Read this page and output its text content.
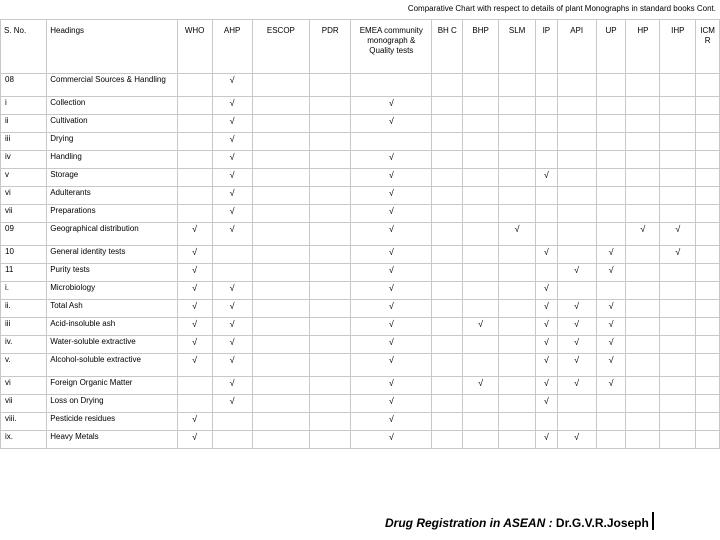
Comparative Chart with respect to details of plant Monographs in standard books Cont.
S. No.	Headings	WHO	AHP	ESCOP	PDR	EMEA community monograph & Quality tests	BH C	BHP	SLM	IP	API	UP	HP	IHP	ICM R
08	Commercial Sources & Handling		√												
i	Collection		√			√									
ii	Cultivation		√			√									
iii	Drying		√												
iv	Handling		√			√									
v	Storage		√			√				√					
vi	Adulterants		√			√									
vii	Preparations		√			√									
09	Geographical distribution	√	√			√			√				√	√	
10	General identity tests	√				√				√		√		√	
11	Purity tests	√				√					√	√			
i.	Microbiology	√	√			√				√					
ii.	Total Ash	√	√			√				√	√	√			
iii	Acid-insoluble ash	√	√			√		√		√	√	√			
iv.	Water-soluble extractive	√	√			√				√	√	√			
v.	Alcohol-soluble extractive	√	√			√				√	√	√			
vi	Foreign Organic Matter		√			√		√		√	√	√			
vii	Loss on Drying		√			√				√					
viii.	Pesticide residues	√				√									
ix.	Heavy Metals	√				√				√	√				
Drug Registration in ASEAN : Dr.G.V.R.Joseph
